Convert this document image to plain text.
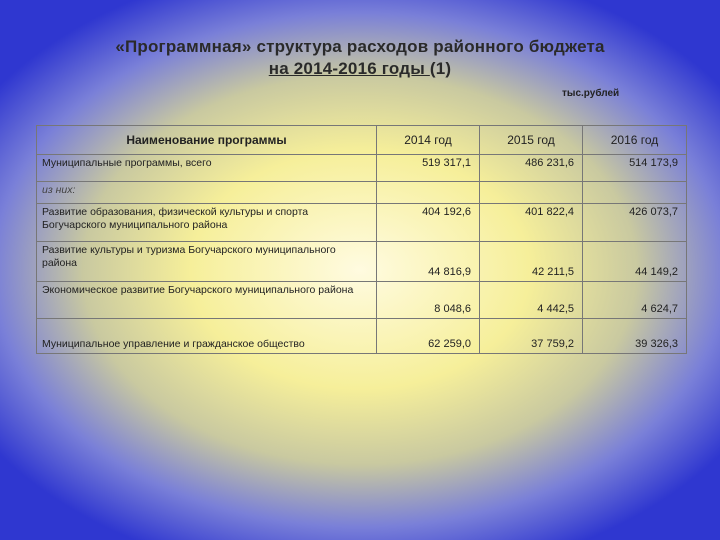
«Программная» структура расходов районного бюджета
на 2014-2016 годы (1)
тыс.рублей
Наименование программы	2014 год	2015 год	2016 год
Муниципальные программы, всего	519 317,1	486 231,6	514 173,9
из них:			
Развитие образования, физической культуры и спорта Богучарского муниципального района	404 192,6	401 822,4	426 073,7
Развитие культуры и туризма Богучарского муниципального района	44 816,9	42 211,5	44 149,2
Экономическое развитие Богучарского муниципального района	8 048,6	4 442,5	4 624,7
Муниципальное управление и гражданское общество	62 259,0	37 759,2	39 326,3
